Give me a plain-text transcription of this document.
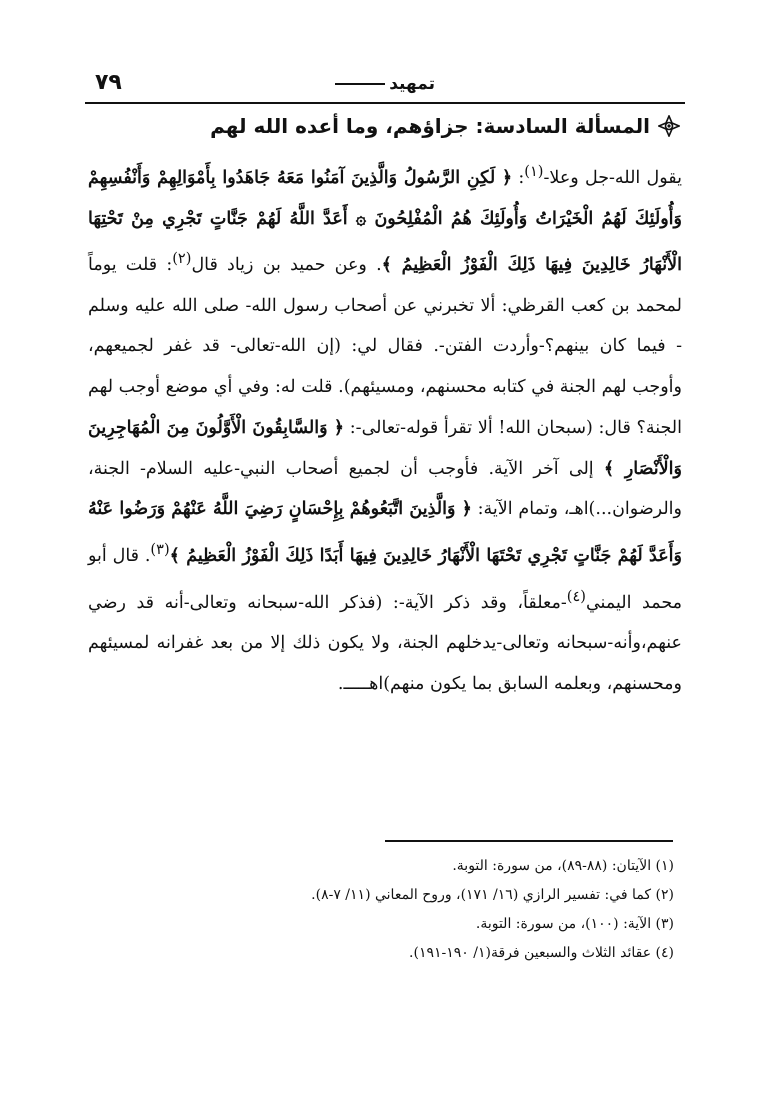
تمهيد
٧٩
المسألة السادسة: جزاؤهم، وما أعده الله لهم

يقول الله-جل وعلا-$^{(١)}$: ﴿ لَكِنِ الرَّسُولُ وَالَّذِينَ آمَنُوا مَعَهُ جَاهَدُوا بِأَمْوَالِهِمْ وَأَنْفُسِهِمْ وَأُولَئِكَ لَهُمُ الْخَيْرَاتُ وَأُولَئِكَ هُمُ الْمُفْلِحُونَ ۞ أَعَدَّ اللَّهُ لَهُمْ جَنَّاتٍ تَجْرِي مِنْ تَحْتِهَا الْأَنْهَارُ خَالِدِينَ فِيهَا ذَلِكَ الْفَوْزُ الْعَظِيمُ ﴾. وعن حميد بن زياد قال$^{(٢)}$: قلت يوماً لمحمد بن كعب القرظي: ألا تخبرني عن أصحاب رسول الله- صلى الله عليه وسلم - فيما كان بينهم؟-وأردت الفتن-. فقال لي: (إن الله-تعالى- قد غفر لجميعهم، وأوجب لهم الجنة في كتابه محسنهم، ومسيئهم). قلت له: وفي أي موضع أوجب لهم الجنة؟ قال: (سبحان الله! ألا تقرأ قوله-تعالى-: ﴿ وَالسَّابِقُونَ الْأَوَّلُونَ مِنَ الْمُهَاجِرِينَ وَالْأَنْصَارِ ﴾ إلى آخر الآية. فأوجب أن لجميع أصحاب النبي-عليه السلام- الجنة، والرضوان...)اهـ، وتمام الآية: ﴿ وَالَّذِينَ اتَّبَعُوهُمْ بِإِحْسَانٍ رَضِيَ اللَّهُ عَنْهُمْ وَرَضُوا عَنْهُ وَأَعَدَّ لَهُمْ جَنَّاتٍ تَجْرِي تَحْتَهَا الْأَنْهَارُ خَالِدِينَ فِيهَا أَبَدًا ذَلِكَ الْفَوْزُ الْعَظِيمُ ﴾$^{(٣)}$. قال أبو محمد اليمني$^{(٤)}$-معلقاً، وقد ذكر الآية-: (فذكر الله-سبحانه وتعالى-أنه قد رضي عنهم،وأنه-سبحانه وتعالى-يدخلهم الجنة، ولا يكون ذلك إلا من بعد غفرانه لمسيئهم ومحسنهم، وبعلمه السابق بما يكون منهم)اهـــــ.

(١) الآيتان: (٨٨-٨٩)، من سورة: التوبة.
(٢) كما في: تفسير الرازي (١٦/ ١٧١)، وروح المعاني (١١/ ٧-٨).
(٣) الآية: (١٠٠)، من سورة: التوبة.
(٤) عقائد الثلاث والسبعين فرقة(١/ ١٩٠-١٩١).
